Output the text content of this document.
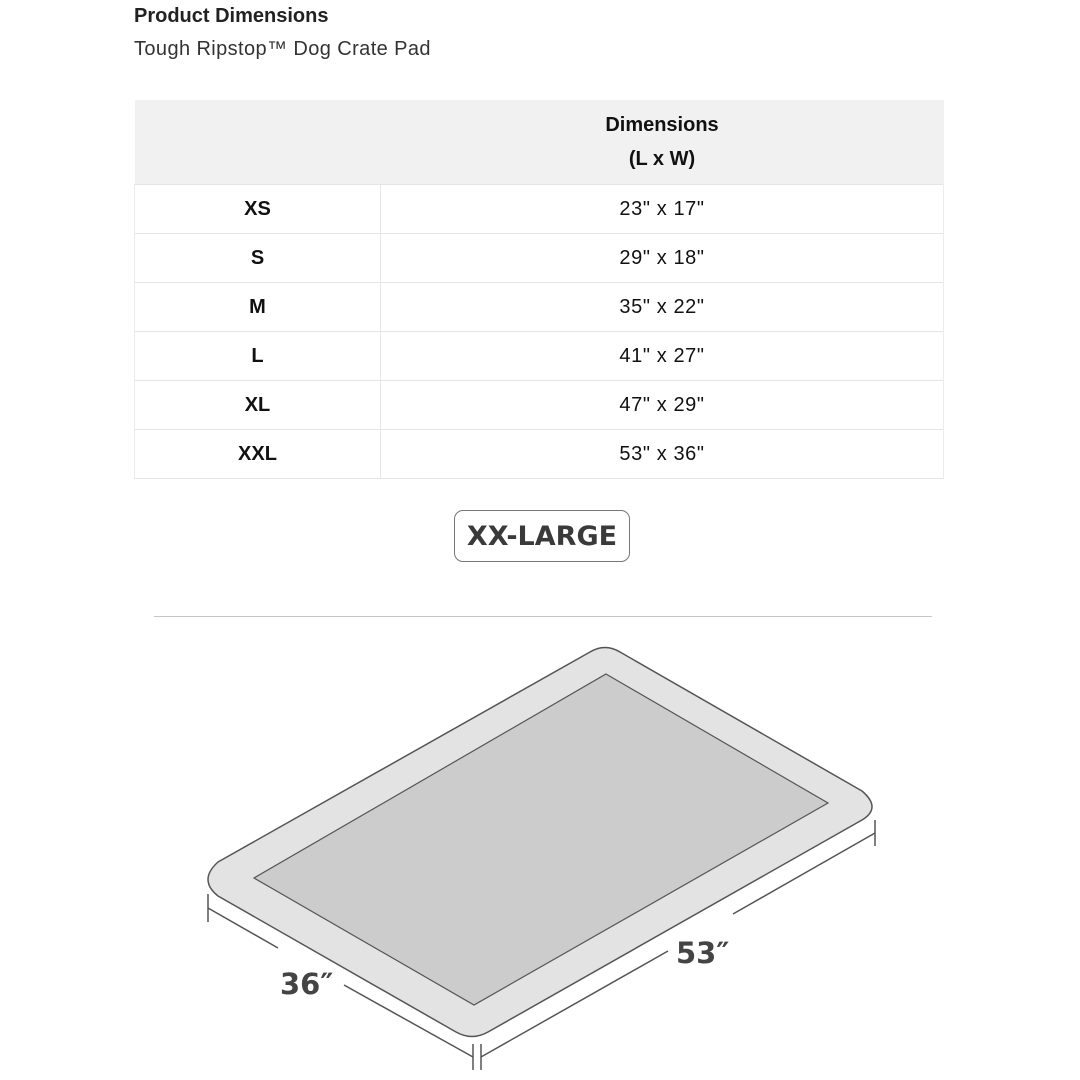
Product Dimensions
Tough Ripstop™ Dog Crate Pad

	Dimensions
(L x W)

XS	23" x 17"
S	29" x 18"
M	35" x 22"
L	41" x 27"
XL	47" x 29"
XXL	53" x 36"
XX-LARGE
53″
36″
